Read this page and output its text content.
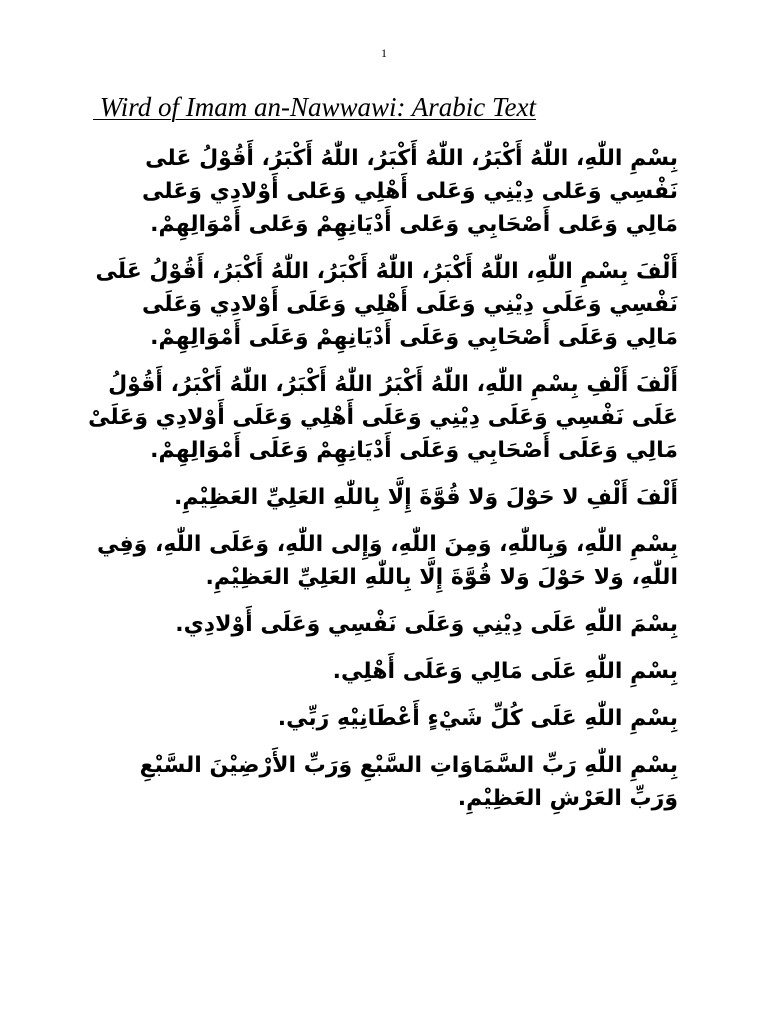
1
Wird of Imam an-Nawwawi: Arabic Text

بِسْمِ اللّٰهِ، اللّٰهُ أَكْبَرُ، اللّٰهُ أَكْبَرُ، اللّٰهُ أَكْبَرُ، أَقُوْلُ عَلى نَفْسِي وَعَلى دِيْنِي وَعَلى أَهْلِي وَعَلى أَوْلادِي وَعَلى مَالِي وَعَلى أَصْحَابِي وَعَلى أَدْيَانِهِمْ وَعَلى أَمْوَالِهِمْ.

أَلْفَ بِسْمِ اللّٰهِ، اللّٰهُ أَكْبَرُ، اللّٰهُ أَكْبَرُ، اللّٰهُ أَكْبَرُ، أَقُوْلُ عَلَى نَفْسِي وَعَلَى دِيْنِي وَعَلَى أَهْلِي وَعَلَى أَوْلادِي وَعَلَى مَالِي وَعَلَى أَصْحَابِي وَعَلَى أَدْيَانِهِمْ وَعَلَى أَمْوَالِهِمْ.

أَلْفَ أَلْفِ بِسْمِ اللّٰهِ، اللّٰهُ أَكْبَرُ اللّٰهُ أَكْبَرُ، اللّٰهُ أَكْبَرُ، أَقُوْلُ عَلَى نَفْسِي وَعَلَى دِيْنِي وَعَلَى أَهْلِي وَعَلَى أَوْلادِي وَعَلَىْ مَالِي وَعَلَى أَصْحَابِي وَعَلَى أَدْيَانِهِمْ وَعَلَى أَمْوَالِهِمْ.

أَلْفَ أَلْفِ لا حَوْلَ وَلا قُوَّةَ إِلَّا بِاللّٰهِ العَلِيِّ العَظِيْمِ.

بِسْمِ اللّٰهِ، وَبِاللّٰهِ، وَمِنَ اللّٰهِ، وَإِلى اللّٰهِ، وَعَلَى اللّٰهِ، وَفِي اللّٰهِ، وَلا حَوْلَ وَلا قُوَّةَ إِلَّا بِاللّٰهِ العَلِيِّ العَظِيْمِ.

بِسْمَ اللّٰهِ عَلَى دِيْنِي وَعَلَى نَفْسِي وَعَلَى أَوْلادِي.

بِسْمِ اللّٰهِ عَلَى مَالِي وَعَلَى أَهْلِي.

بِسْمِ اللّٰهِ عَلَى كُلِّ شَيْءٍ أَعْطَانِيْهِ رَبِّي.

بِسْمِ اللّٰهِ رَبِّ السَّمَاوَاتِ السَّبْعِ وَرَبِّ الأَرْضِيْنَ السَّبْعِ وَرَبِّ العَرْشِ العَظِيْمِ.
